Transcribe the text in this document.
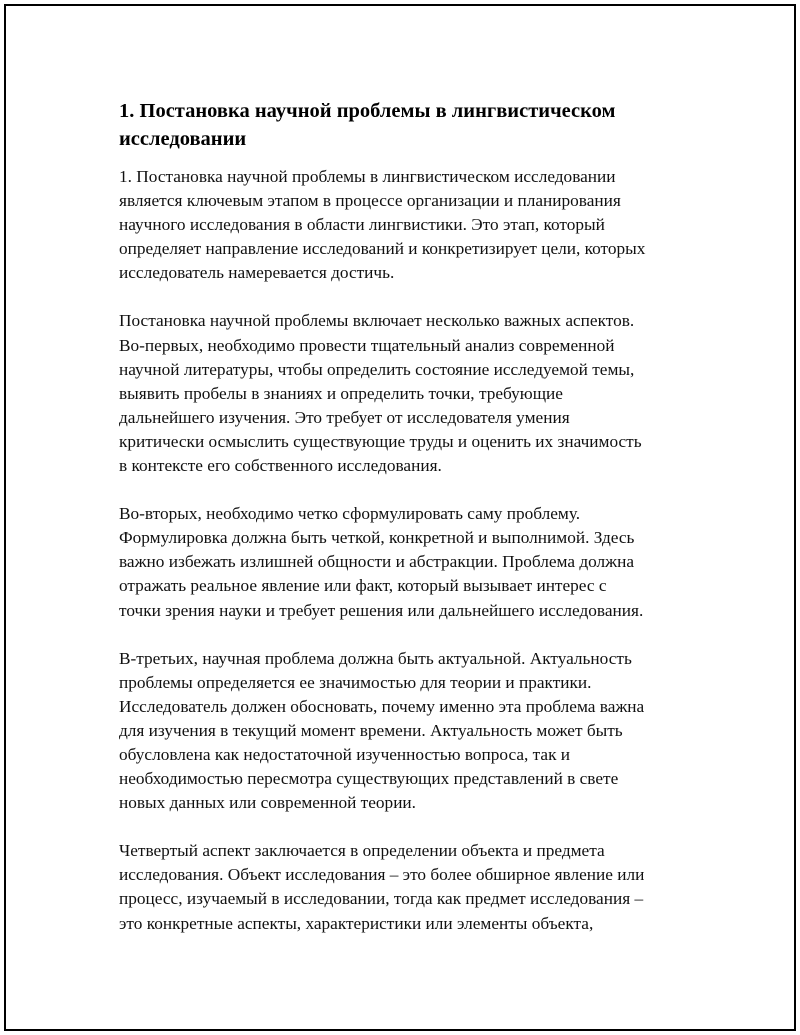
1. Постановка научной проблемы в лингвистическом
исследовании

1. Постановка научной проблемы в лингвистическом исследовании
является ключевым этапом в процессе организации и планирования
научного исследования в области лингвистики. Это этап, который
определяет направление исследований и конкретизирует цели, которых
исследователь намеревается достичь.

Постановка научной проблемы включает несколько важных аспектов.
Во-первых, необходимо провести тщательный анализ современной
научной литературы, чтобы определить состояние исследуемой темы,
выявить пробелы в знаниях и определить точки, требующие
дальнейшего изучения. Это требует от исследователя умения
критически осмыслить существующие труды и оценить их значимость
в контексте его собственного исследования.

Во-вторых, необходимо четко сформулировать саму проблему.
Формулировка должна быть четкой, конкретной и выполнимой. Здесь
важно избежать излишней общности и абстракции. Проблема должна
отражать реальное явление или факт, который вызывает интерес с
точки зрения науки и требует решения или дальнейшего исследования.

В-третьих, научная проблема должна быть актуальной. Актуальность
проблемы определяется ее значимостью для теории и практики.
Исследователь должен обосновать, почему именно эта проблема важна
для изучения в текущий момент времени. Актуальность может быть
обусловлена как недостаточной изученностью вопроса, так и
необходимостью пересмотра существующих представлений в свете
новых данных или современной теории.

Четвертый аспект заключается в определении объекта и предмета
исследования. Объект исследования – это более обширное явление или
процесс, изучаемый в исследовании, тогда как предмет исследования –
это конкретные аспекты, характеристики или элементы объекта,
